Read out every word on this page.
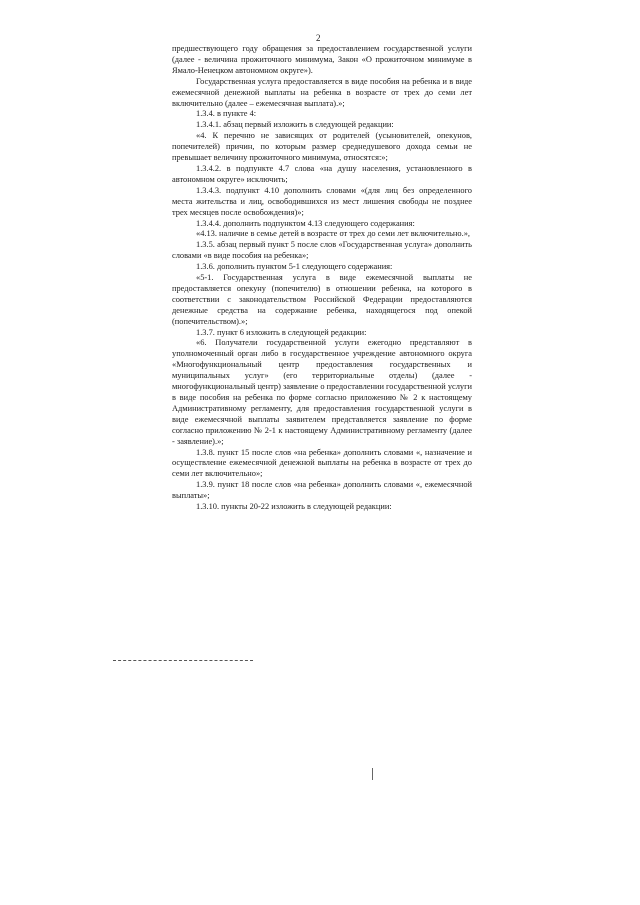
2

предшествующего году обращения за предоставлением государственной услуги (далее - величина прожиточного минимума, Закон «О прожиточном минимуме в Ямало-Ненецком автономном округе»).

Государственная услуга предоставляется в виде пособия на ребенка и в виде ежемесячной денежной выплаты на ребенка в возрасте от трех до семи лет включительно (далее – ежемесячная выплата).»;

1.3.4. в пункте 4:

1.3.4.1. абзац первый изложить в следующей редакции:

«4. К перечню не зависящих от родителей (усыновителей, опекунов, попечителей) причин, по которым размер среднедушевого дохода семьи не превышает величину прожиточного минимума, относятся:»;

1.3.4.2. в подпункте 4.7 слова «на душу населения, установленного в автономном округе» исключить;

1.3.4.3. подпункт 4.10 дополнить словами «(для лиц без определенного места жительства и лиц, освободившихся из мест лишения свободы не позднее трех месяцев после освобождения)»;

1.3.4.4. дополнить подпунктом 4.13 следующего содержания:

«4.13. наличие в семье детей в возрасте от трех до семи лет включительно.»,

1.3.5. абзац первый пункт 5 после слов «Государственная услуга» дополнить словами «в виде пособия на ребенка»;

1.3.6. дополнить пунктом 5-1 следующего содержания:

«5-1. Государственная услуга в виде ежемесячной выплаты не предоставляется опекуну (попечителю) в отношении ребенка, на которого в соответствии с законодательством Российской Федерации предоставляются денежные средства на содержание ребенка, находящегося под опекой (попечительством).»;

1.3.7. пункт 6 изложить в следующей редакции:

«6. Получатели государственной услуги ежегодно представляют в уполномоченный орган либо в государственное учреждение автономного округа «Многофункциональный центр предоставления государственных и муниципальных услуг» (его территориальные отделы) (далее - многофункциональный центр) заявление о предоставлении государственной услуги в виде пособия на ребенка по форме согласно приложению № 2 к настоящему Административному регламенту, для предоставления государственной услуги в виде ежемесячной выплаты заявителем представляется заявление по форме согласно приложению № 2-1 к настоящему Административному регламенту (далее - заявление).»;

1.3.8. пункт 15 после слов «на ребенка» дополнить словами «, назначение и осуществление ежемесячной денежной выплаты на ребенка в возрасте от трех до семи лет включительно»;

1.3.9. пункт 18 после слов «на ребенка» дополнить словами «, ежемесячной выплаты»;

1.3.10. пункты 20-22 изложить в следующей редакции:
